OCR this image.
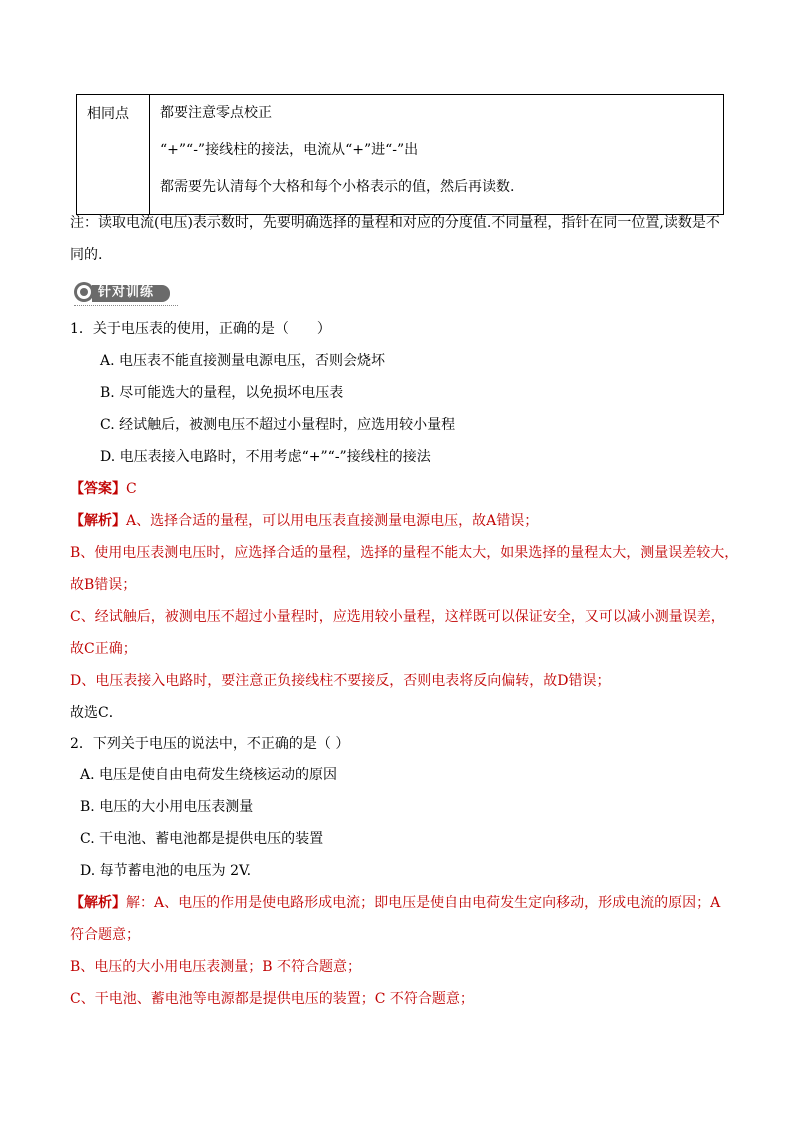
相同点	都要注意零点校正
“+”“-”接线柱的接法，电流从“+”进“-”出
都需要先认清每个大格和每个小格表示的值，然后再读数.
注：读取电流(电压)表示数时，先要明确选择的量程和对应的分度值.不同量程，指针在同一位置,读数是不
同的.
针对训练
1．关于电压表的使用，正确的是（　　）
A. 电压表不能直接测量电源电压，否则会烧坏
B. 尽可能选大的量程，以免损坏电压表
C. 经试触后，被测电压不超过小量程时，应选用较小量程
D. 电压表接入电路时，不用考虑“+”“-”接线柱的接法
【答案】C
【解析】A、选择合适的量程，可以用电压表直接测量电源电压，故A错误；
B、使用电压表测电压时，应选择合适的量程，选择的量程不能太大，如果选择的量程太大，测量误差较大，
故B错误；
C、经试触后，被测电压不超过小量程时，应选用较小量程，这样既可以保证安全，又可以减小测量误差，
故C正确；
D、电压表接入电路时，要注意正负接线柱不要接反，否则电表将反向偏转，故D错误；
故选C．
2．下列关于电压的说法中，不正确的是（ ）
A. 电压是使自由电荷发生绕核运动的原因
B. 电压的大小用电压表测量
C. 干电池、蓄电池都是提供电压的装置
D. 每节蓄电池的电压为 2V.
【解析】解：A、电压的作用是使电路形成电流；即电压是使自由电荷发生定向移动，形成电流的原因；A
符合题意；
B、电压的大小用电压表测量；B 不符合题意；
C、干电池、蓄电池等电源都是提供电压的装置；C 不符合题意；
